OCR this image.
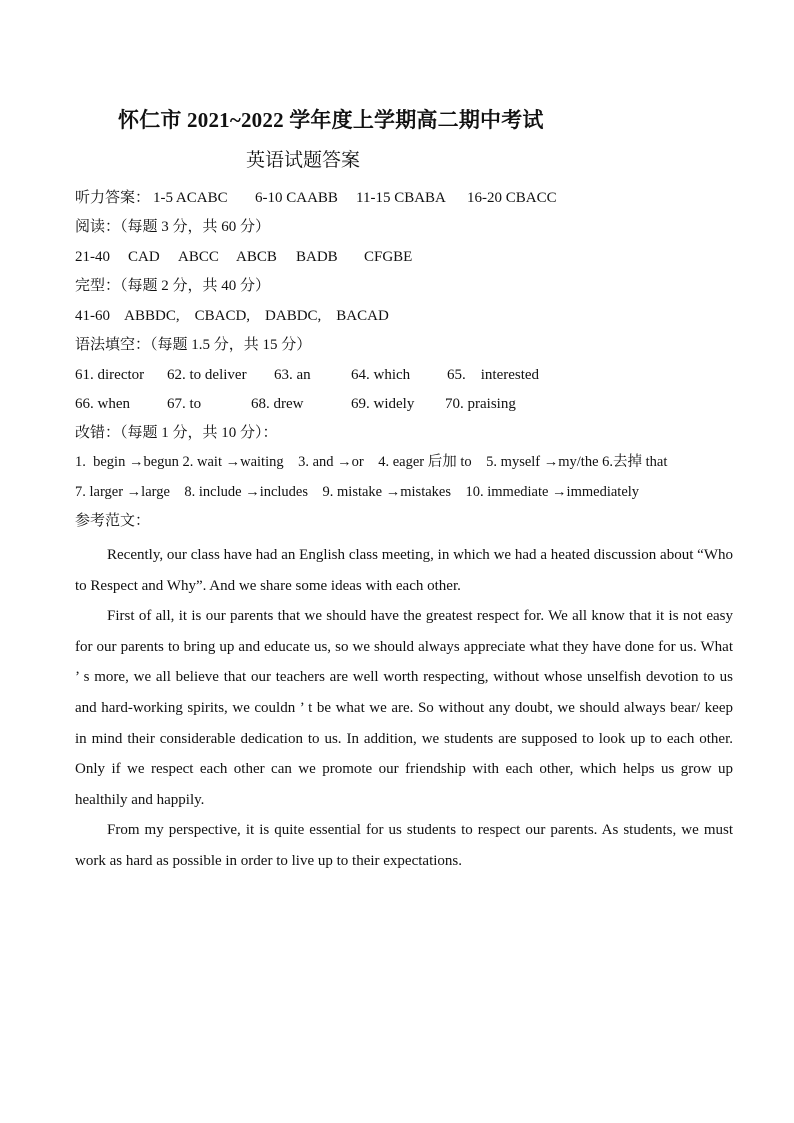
怀仁市 2021~2022 学年度上学期高二期中考试
英语试题答案
听力答案： 1-5 ACABC 6-10 CAABB 11-15 CBABA 16-20 CBACC
阅读：（每题 3 分，共 60 分）
21-40 CAD ABCC ABCB BADB CFGBE
完型：（每题 2 分，共 40 分）
41-60    ABBDC,    CBACD,    DABDC,    BACAD
语法填空：（每题 1.5 分，共 15 分）
61. director 62. to deliver 63. an	64. which 65.    interested
66. when 67. to	68. drew	69. widely 70. praising
改错：（每题 1 分，共 10 分）：
1.  begin →begun 2. wait →waiting    3. and →or    4. eager 后加 to    5. myself →my/the 6.去掉 that
7. larger →large    8. include →includes    9. mistake →mistakes    10. immediate →immediately
参考范文：

Recently, our class have had an English class meeting, in which we had a heated discussion about “Who to Respect and Why”. And we share some ideas with each other.

First of all, it is our parents that we should have the greatest respect for. We all know that it is not easy for our parents to bring up and educate us, so we should always appreciate what they have done for us. What ’ s more, we all believe that our teachers are well worth respecting, without whose unselfish devotion to us and hard-working spirits, we couldn ’ t be what we are. So without any doubt, we should always bear/ keep in mind their considerable dedication to us. In addition, we students are supposed to look up to each other. Only if we respect each other can we promote our friendship with each other, which helps us grow up healthily and happily.

From my perspective, it is quite essential for us students to respect our parents. As students, we must work as hard as possible in order to live up to their expectations.
